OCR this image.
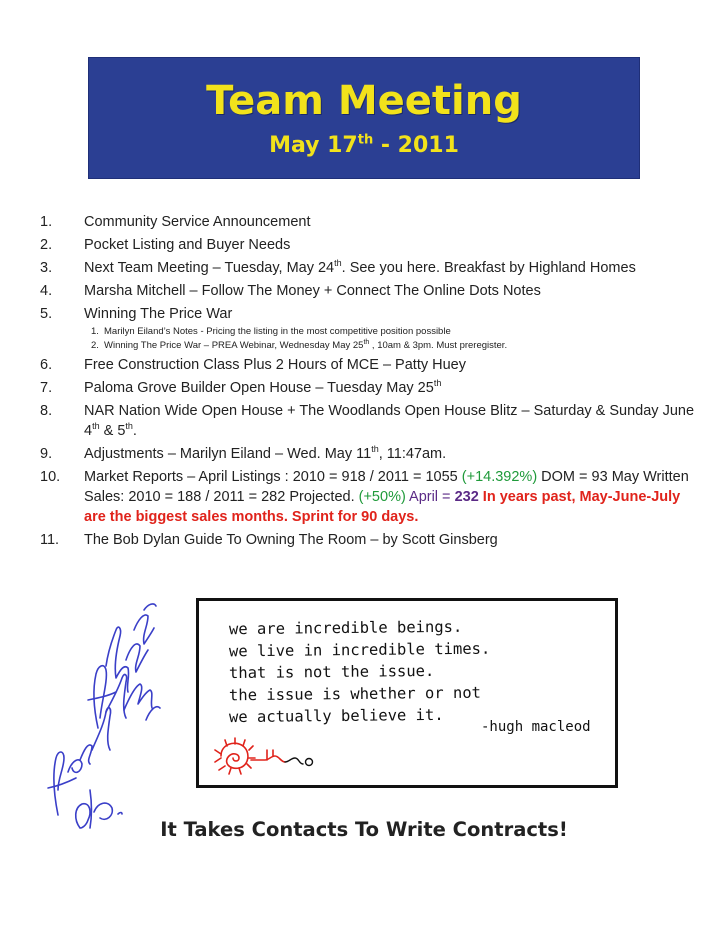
Team Meeting
May 17th - 2011
1.	Community Service Announcement
2.	Pocket Listing and Buyer Needs
3.	Next Team Meeting – Tuesday, May 24th. See you here. Breakfast by Highland Homes
4.	Marsha Mitchell – Follow The Money + Connect The Online Dots Notes
5.	Winning The Price War
1. Marilyn Eiland’s Notes - Pricing the listing in the most competitive position possible
2. Winning The Price War – PREA Webinar, Wednesday May 25th , 10am & 3pm. Must preregister.
6.	Free Construction Class Plus 2 Hours of MCE – Patty Huey
7.	Paloma Grove Builder Open House – Tuesday May 25th
8.	NAR Nation Wide Open House + The Woodlands Open House Blitz – Saturday & Sunday June 4th & 5th.
9.	Adjustments – Marilyn Eiland – Wed. May 11th, 11:47am.
10.	Market Reports – April Listings : 2010 = 918 / 2011 = 1055 (+14.392%) DOM = 93 May Written Sales: 2010 = 188 / 2011 = 282 Projected. (+50%) April = 232 In years past, May-June-July are the biggest sales months. Sprint for 90 days.
11.	The Bob Dylan Guide To Owning The Room – by Scott Ginsberg
we are incredible beings.
we live in incredible times.
that is not the issue.
the issue is whether or not
we actually believe it.
-hugh macleod
It Takes Contacts To Write Contracts!
